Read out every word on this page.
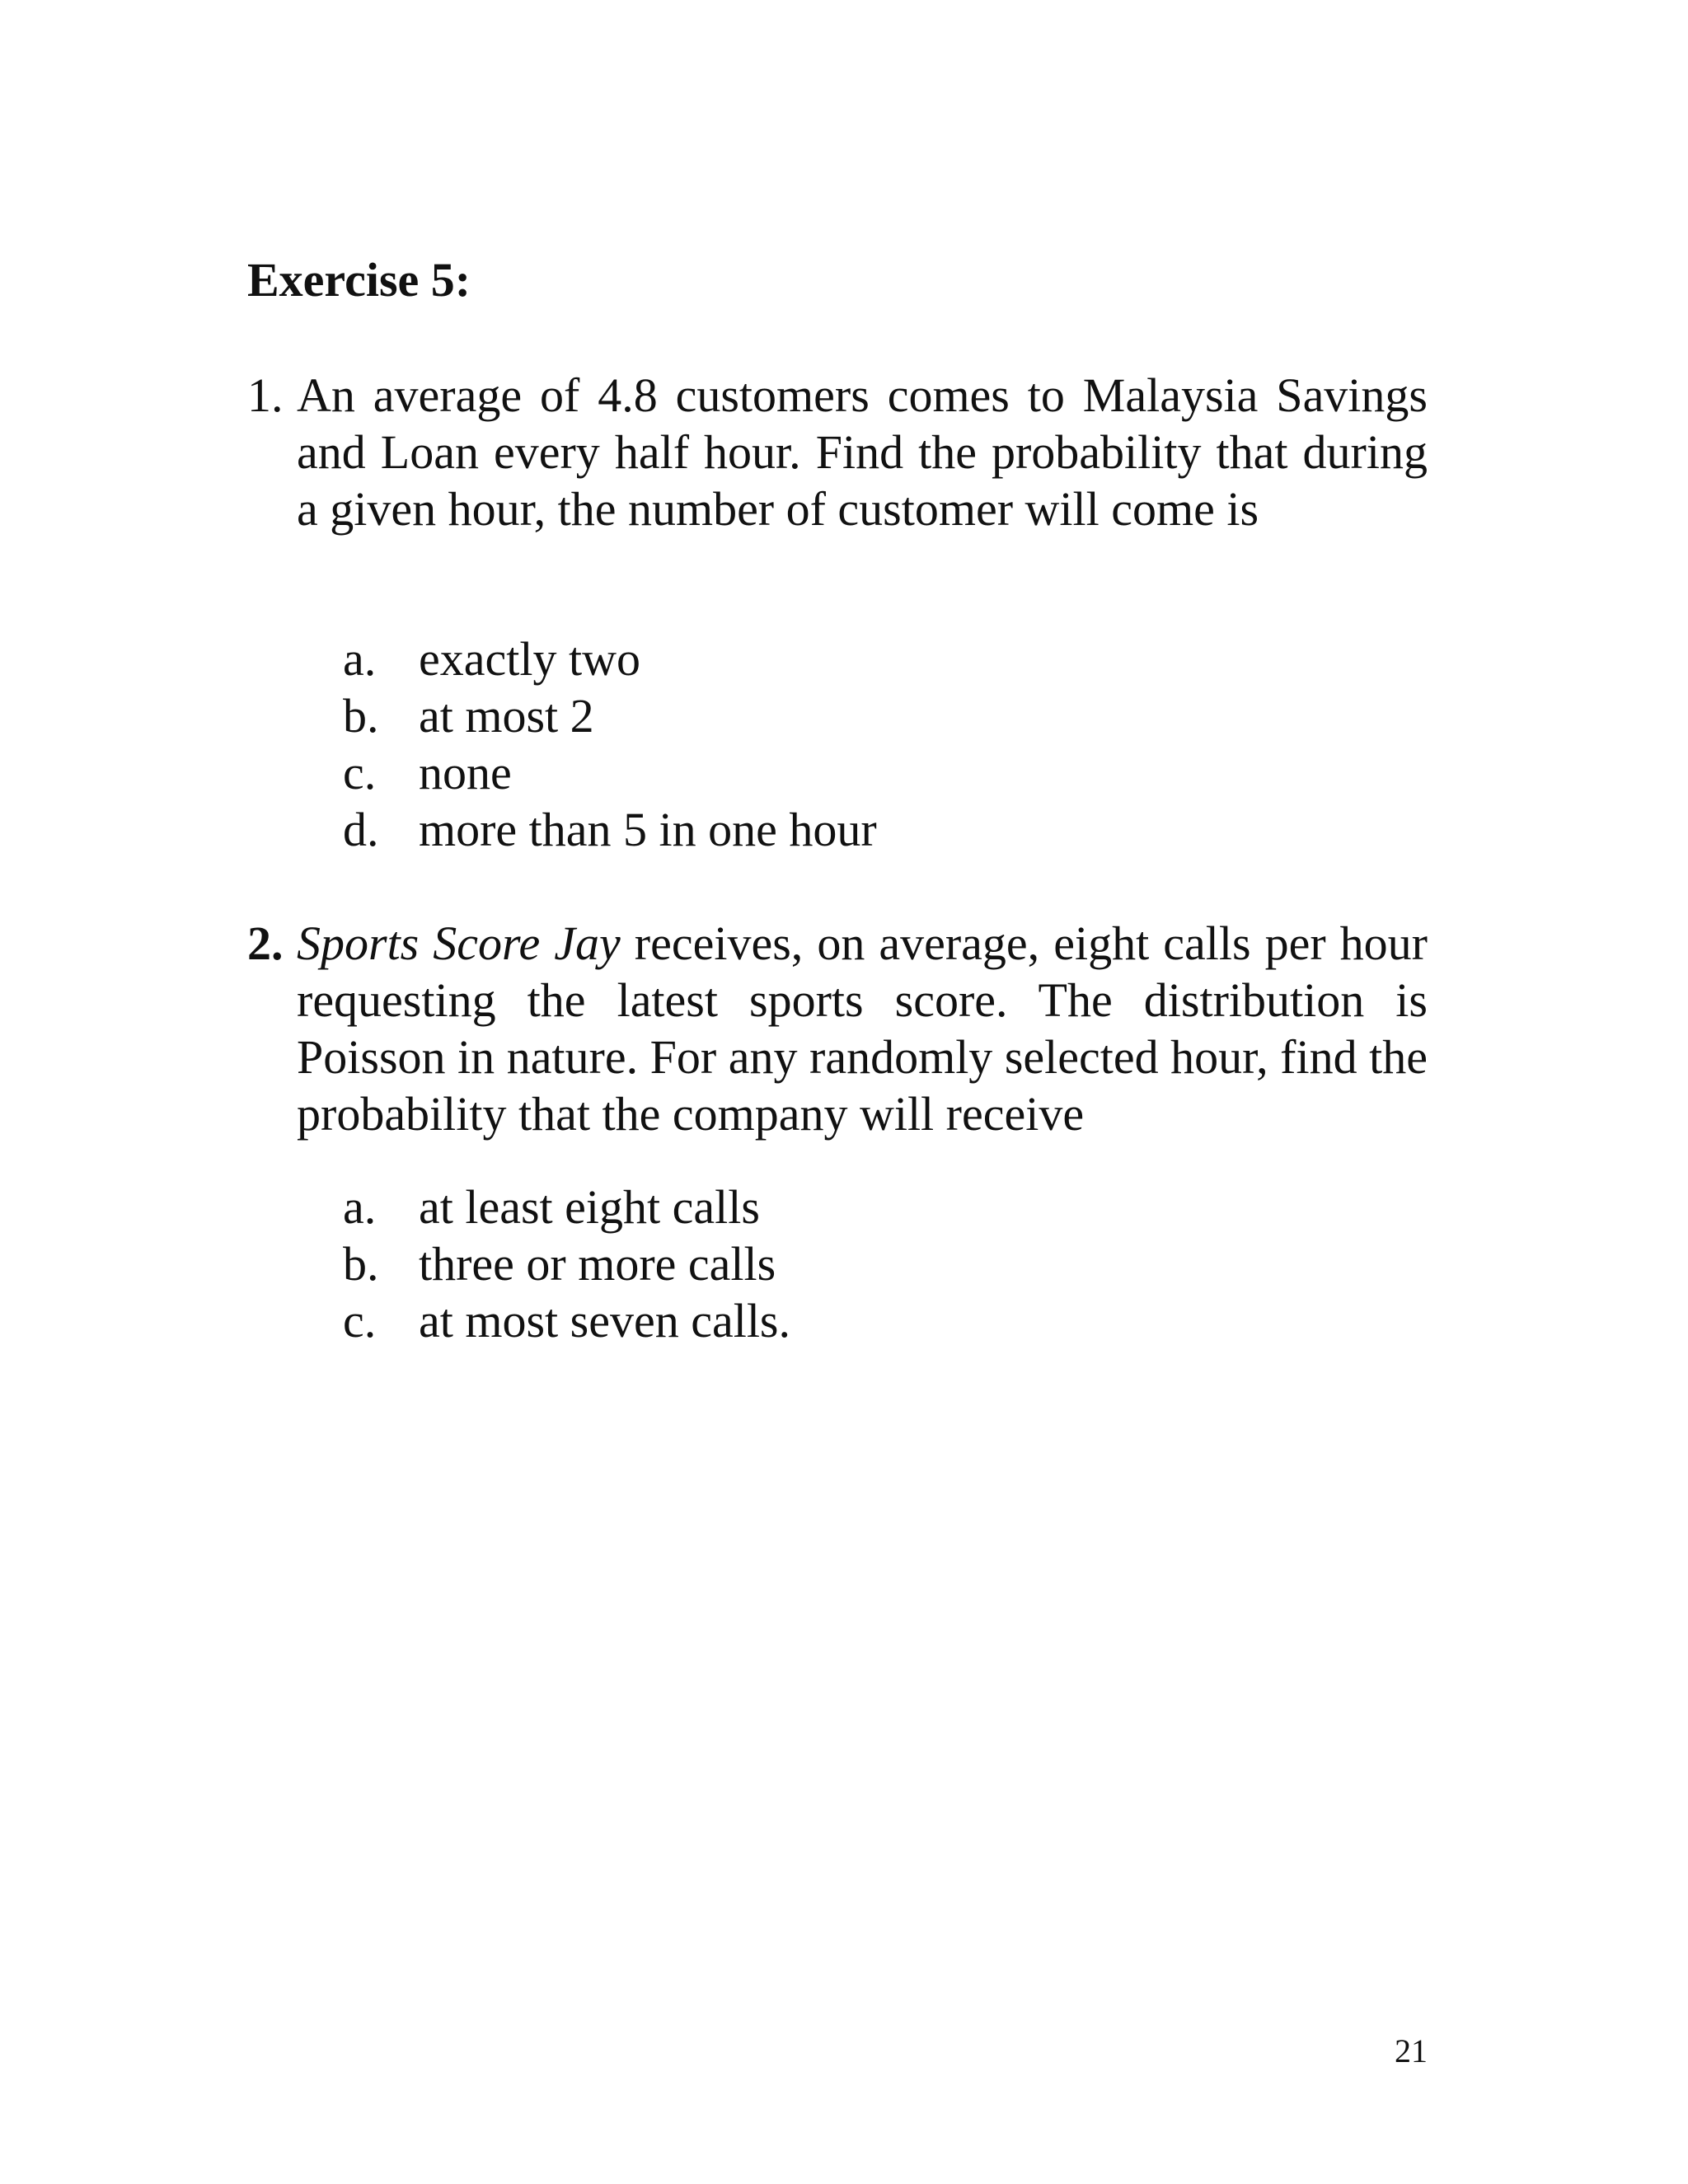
Exercise 5:
1. An average of 4.8 customers comes to Malaysia Savings and Loan every half hour. Find the probability that during a given hour, the number of customer will come is
a. exactly two
b. at most 2
c. none
d. more than 5 in one hour
2. Sports Score Jay receives, on average, eight calls per hour requesting the latest sports score. The distribution is Poisson in nature. For any randomly selected hour, find the probability that the company will receive
a. at least eight calls
b. three or more calls
c. at most seven calls.
21
